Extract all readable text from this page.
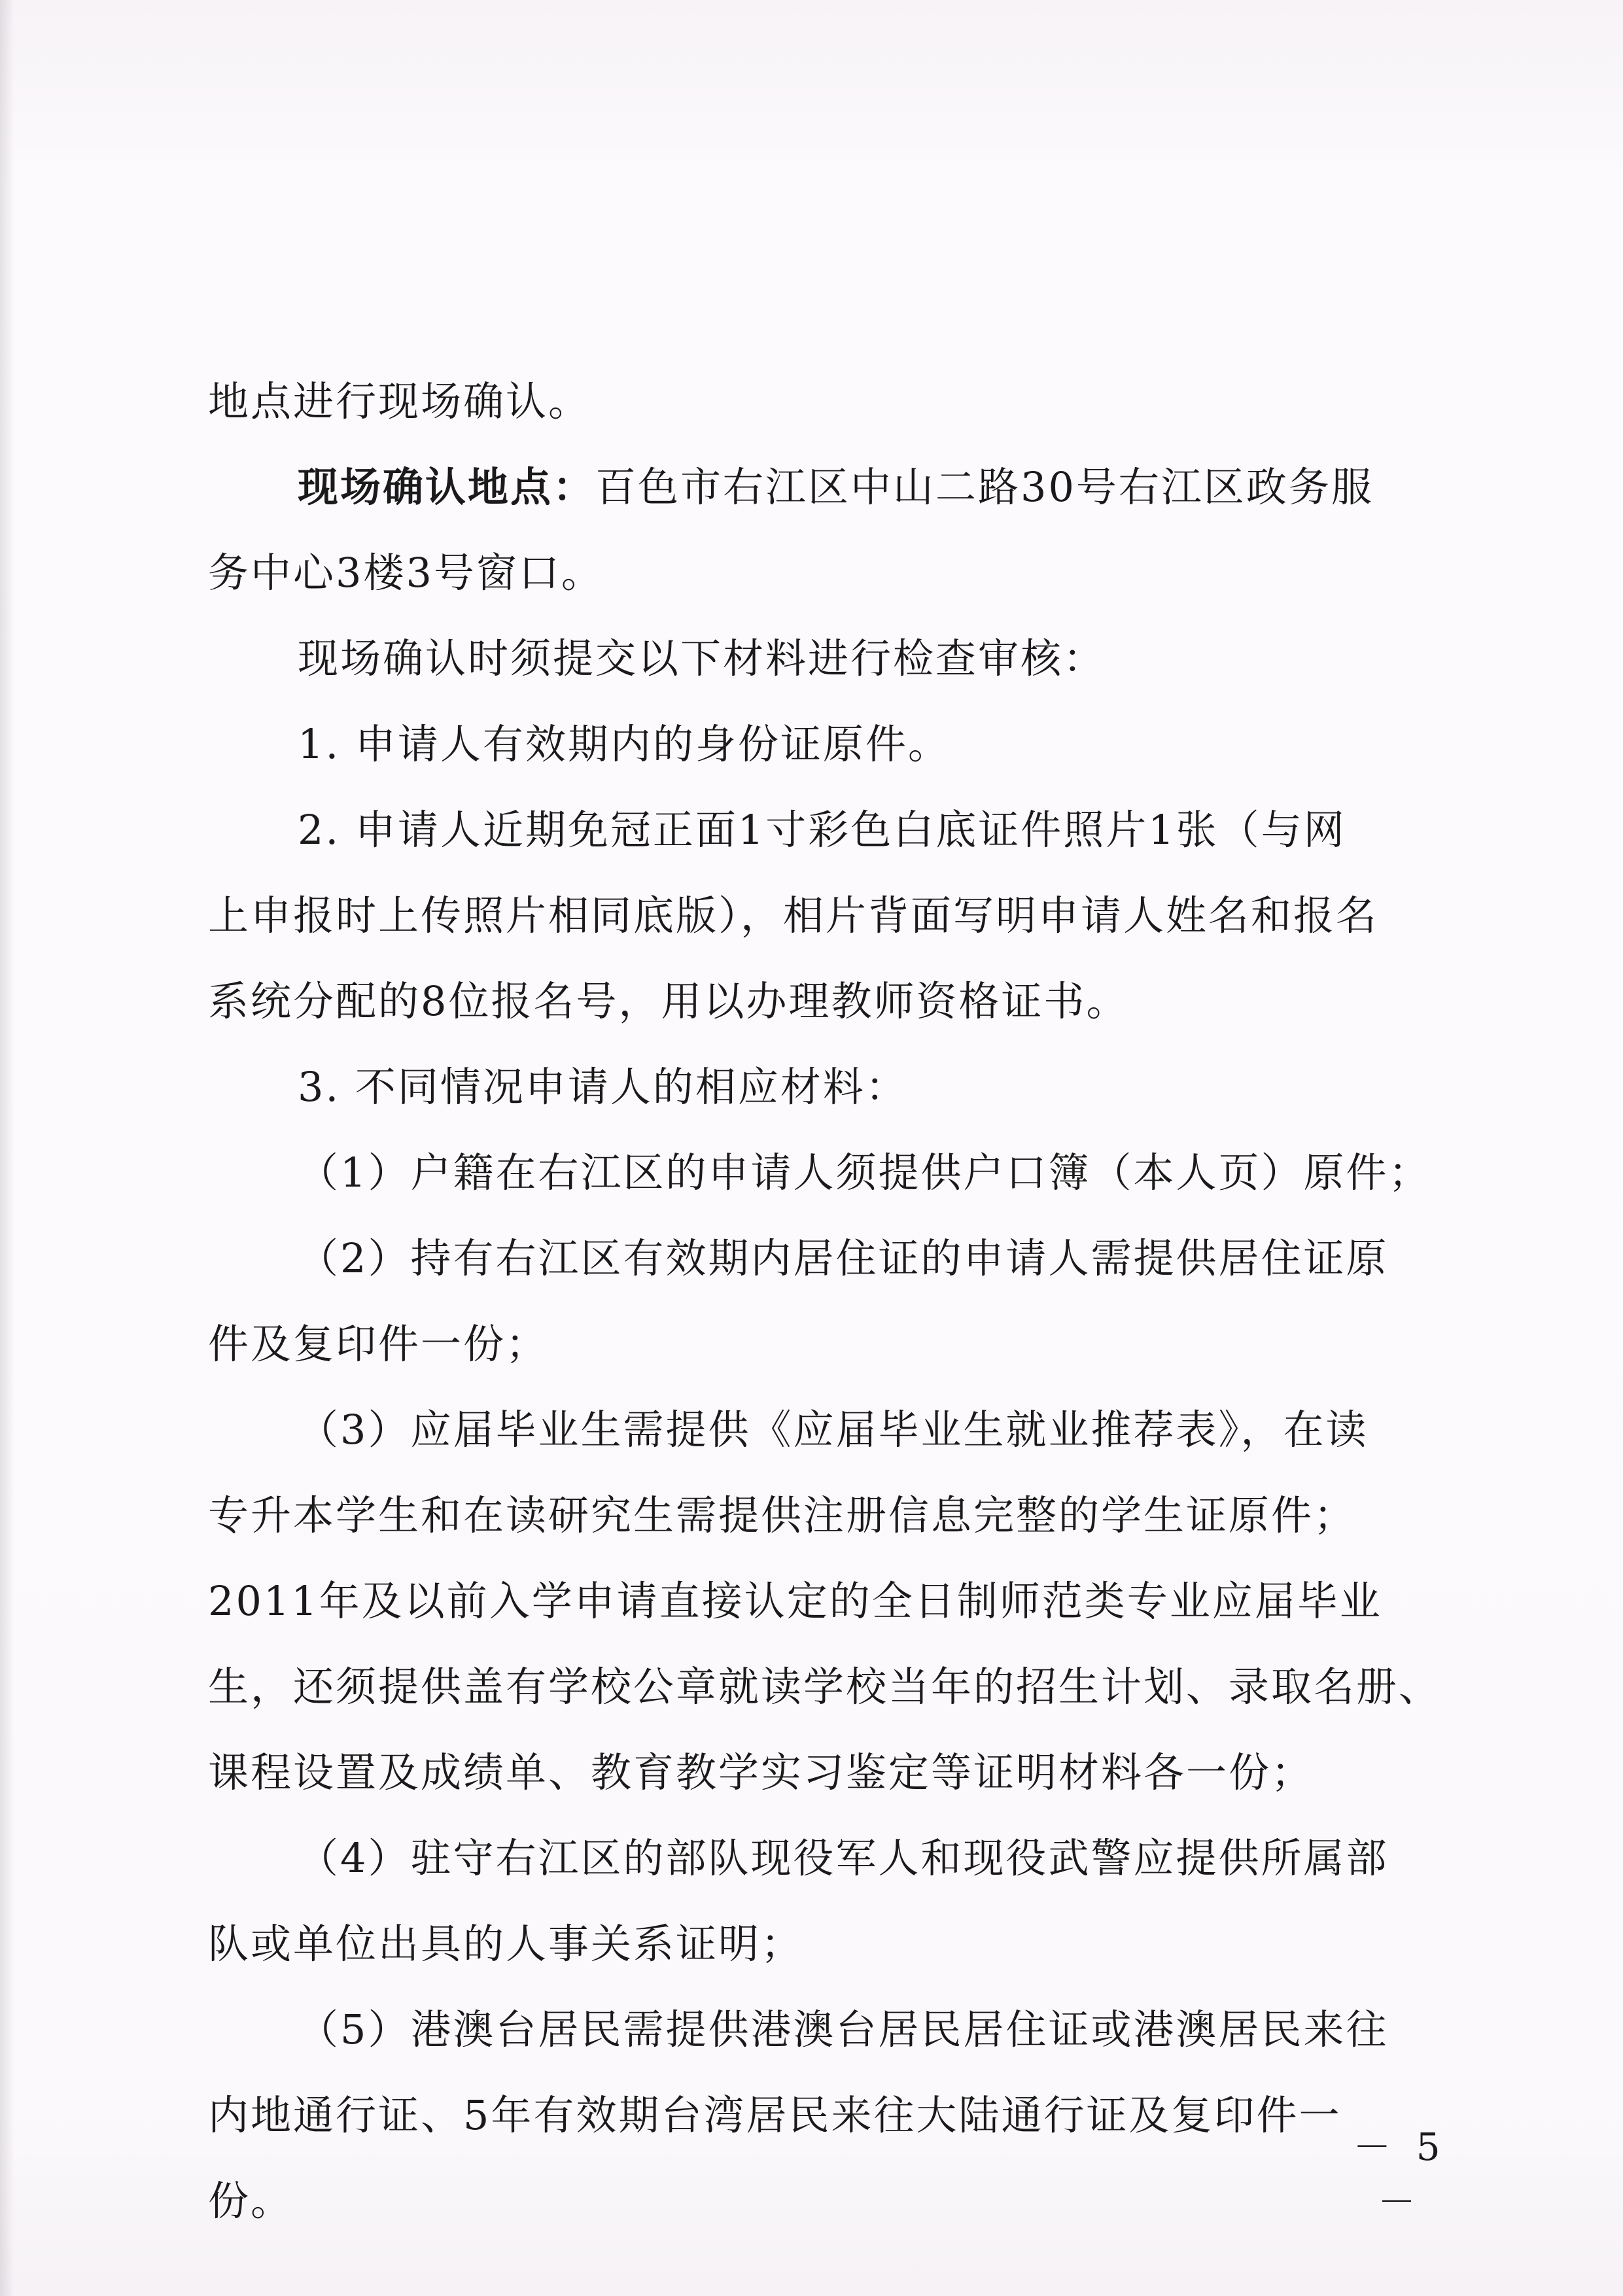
地点进行现场确认。
现场确认地点：百色市右江区中山二路30号右江区政务服
务中心3楼3号窗口。
现场确认时须提交以下材料进行检查审核：
1. 申请人有效期内的身份证原件。
2. 申请人近期免冠正面1寸彩色白底证件照片1张（与网
上申报时上传照片相同底版），相片背面写明申请人姓名和报名
系统分配的8位报名号，用以办理教师资格证书。
3. 不同情况申请人的相应材料：
（1）户籍在右江区的申请人须提供户口簿（本人页）原件；
（2）持有右江区有效期内居住证的申请人需提供居住证原
件及复印件一份；
（3）应届毕业生需提供《应届毕业生就业推荐表》，在读
专升本学生和在读研究生需提供注册信息完整的学生证原件；
2011年及以前入学申请直接认定的全日制师范类专业应届毕业
生，还须提供盖有学校公章就读学校当年的招生计划、录取名册、
课程设置及成绩单、教育教学实习鉴定等证明材料各一份；
（4）驻守右江区的部队现役军人和现役武警应提供所属部
队或单位出具的人事关系证明；
（5）港澳台居民需提供港澳台居民居住证或港澳居民来往
内地通行证、5年有效期台湾居民来往大陆通行证及复印件一
份。
－ 5 －
